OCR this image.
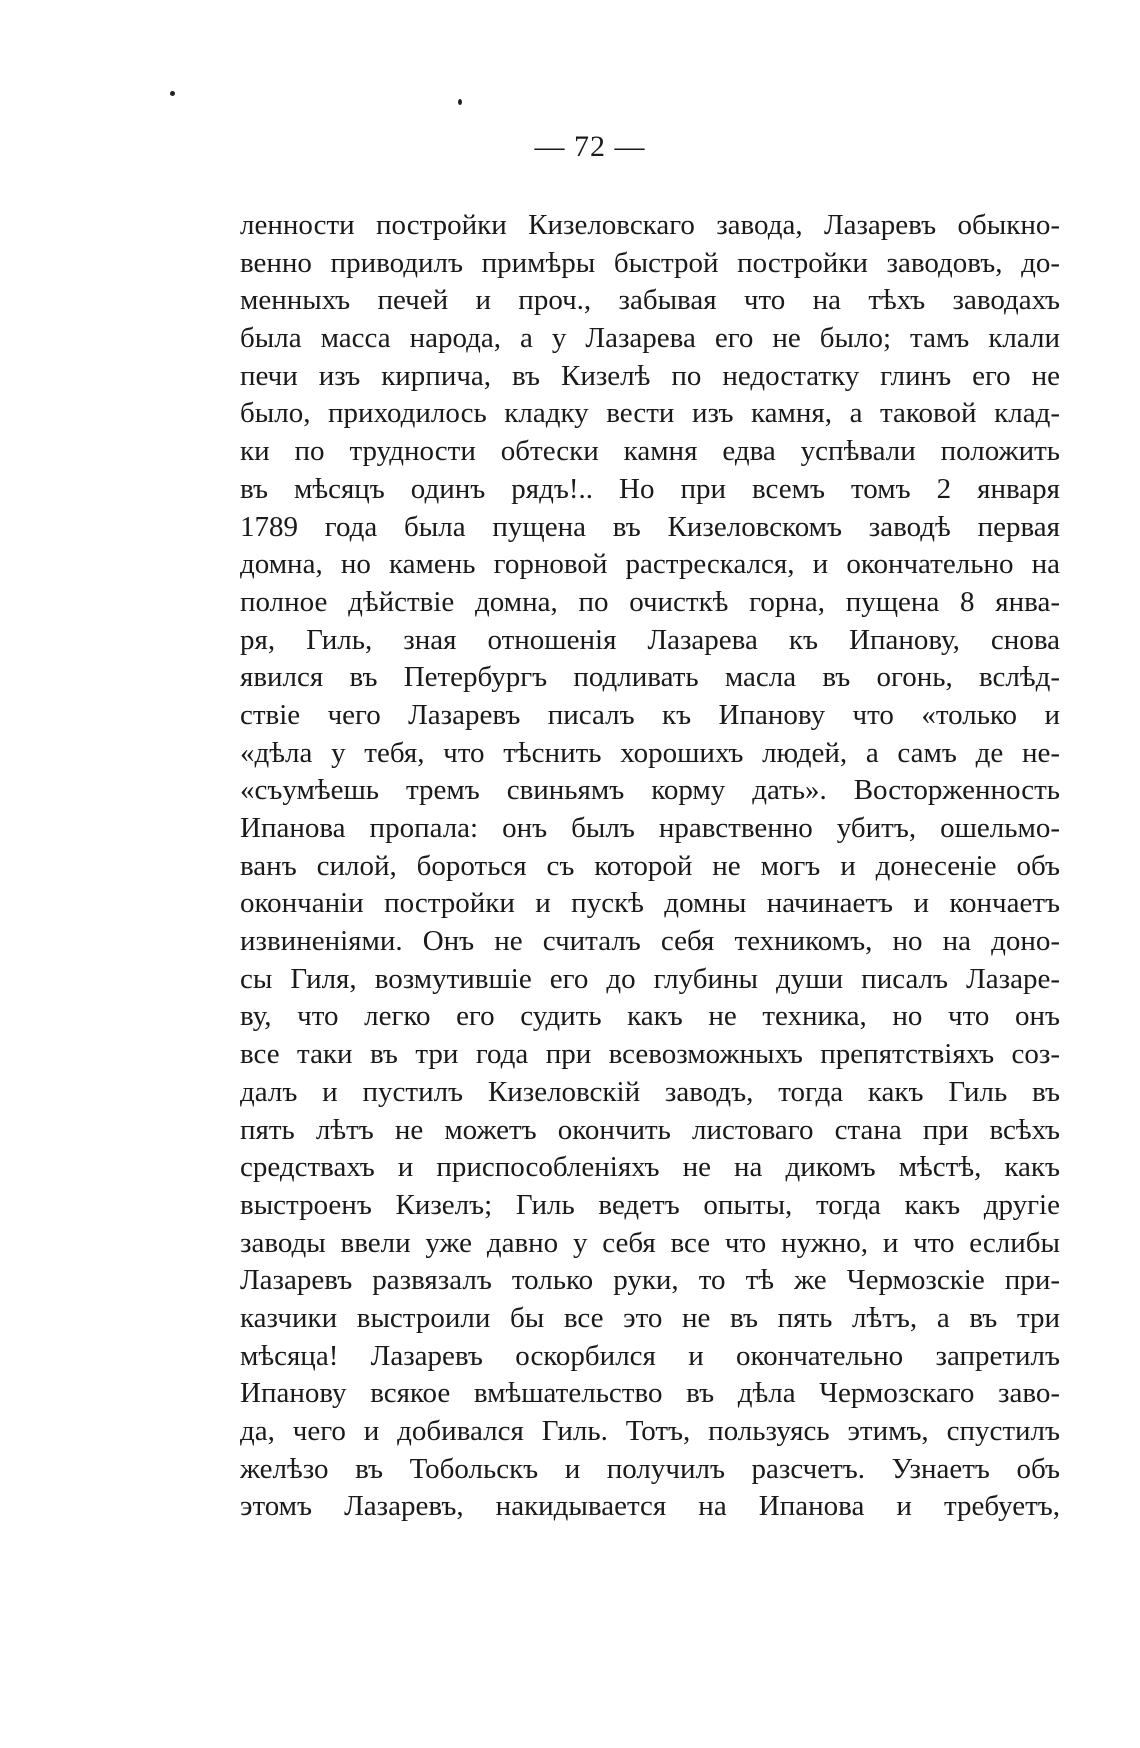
— 72 —
ленности постройки Кизеловскаго завода, Лазаревъ обыкно-
венно приводилъ примѣры быстрой постройки заводовъ, до-
менныхъ печей и проч., забывая что на тѣхъ заводахъ
была масса народа, а у Лазарева его не было; тамъ клали
печи изъ кирпича, въ Кизелѣ по недостатку глинъ его не
было, приходилось кладку вести изъ камня, а таковой клад-
ки по трудности обтески камня едва успѣвали положить
въ мѣсяцъ одинъ рядъ!.. Но при всемъ томъ 2 января
1789 года была пущена въ Кизеловскомъ заводѣ первая
домна, но камень горновой растрескался, и окончательно на
полное дѣйствіе домна, по очисткѣ горна, пущена 8 янва-
ря, Гиль, зная отношенія Лазарева къ Ипанову, снова
явился въ Петербургъ подливать масла въ огонь, вслѣд-
ствіе чего Лазаревъ писалъ къ Ипанову что «только и
«дѣла у тебя, что тѣснить хорошихъ людей, а самъ де не-
«съумѣешь тремъ свиньямъ корму дать». Восторженность
Ипанова пропала: онъ былъ нравственно убитъ, ошельмо-
ванъ силой, бороться съ которой не могъ и донесеніе объ
окончаніи постройки и пускѣ домны начинаетъ и кончаетъ
извиненіями. Онъ не считалъ себя техникомъ, но на доно-
сы Гиля, возмутившіе его до глубины души писалъ Лазаре-
ву, что легко его судить какъ не техника, но что онъ
все таки въ три года при всевозможныхъ препятствіяхъ соз-
далъ и пустилъ Кизеловскій заводъ, тогда какъ Гиль въ
пять лѣтъ не можетъ окончить листоваго стана при всѣхъ
средствахъ и приспособленіяхъ не на дикомъ мѣстѣ, какъ
выстроенъ Кизелъ; Гиль ведетъ опыты, тогда какъ другіе
заводы ввели уже давно у себя все что нужно, и что еслибы
Лазаревъ развязалъ только руки, то тѣ же Чермозскіе при-
казчики выстроили бы все это не въ пять лѣтъ, а въ три
мѣсяца! Лазаревъ оскорбился и окончательно запретилъ
Ипанову всякое вмѣшательство въ дѣла Чермозскаго заво-
да, чего и добивался Гиль. Тотъ, пользуясь этимъ, спустилъ
желѣзо въ Тобольскъ и получилъ разсчетъ. Узнаетъ объ
этомъ Лазаревъ, накидывается на Ипанова и требуетъ,
